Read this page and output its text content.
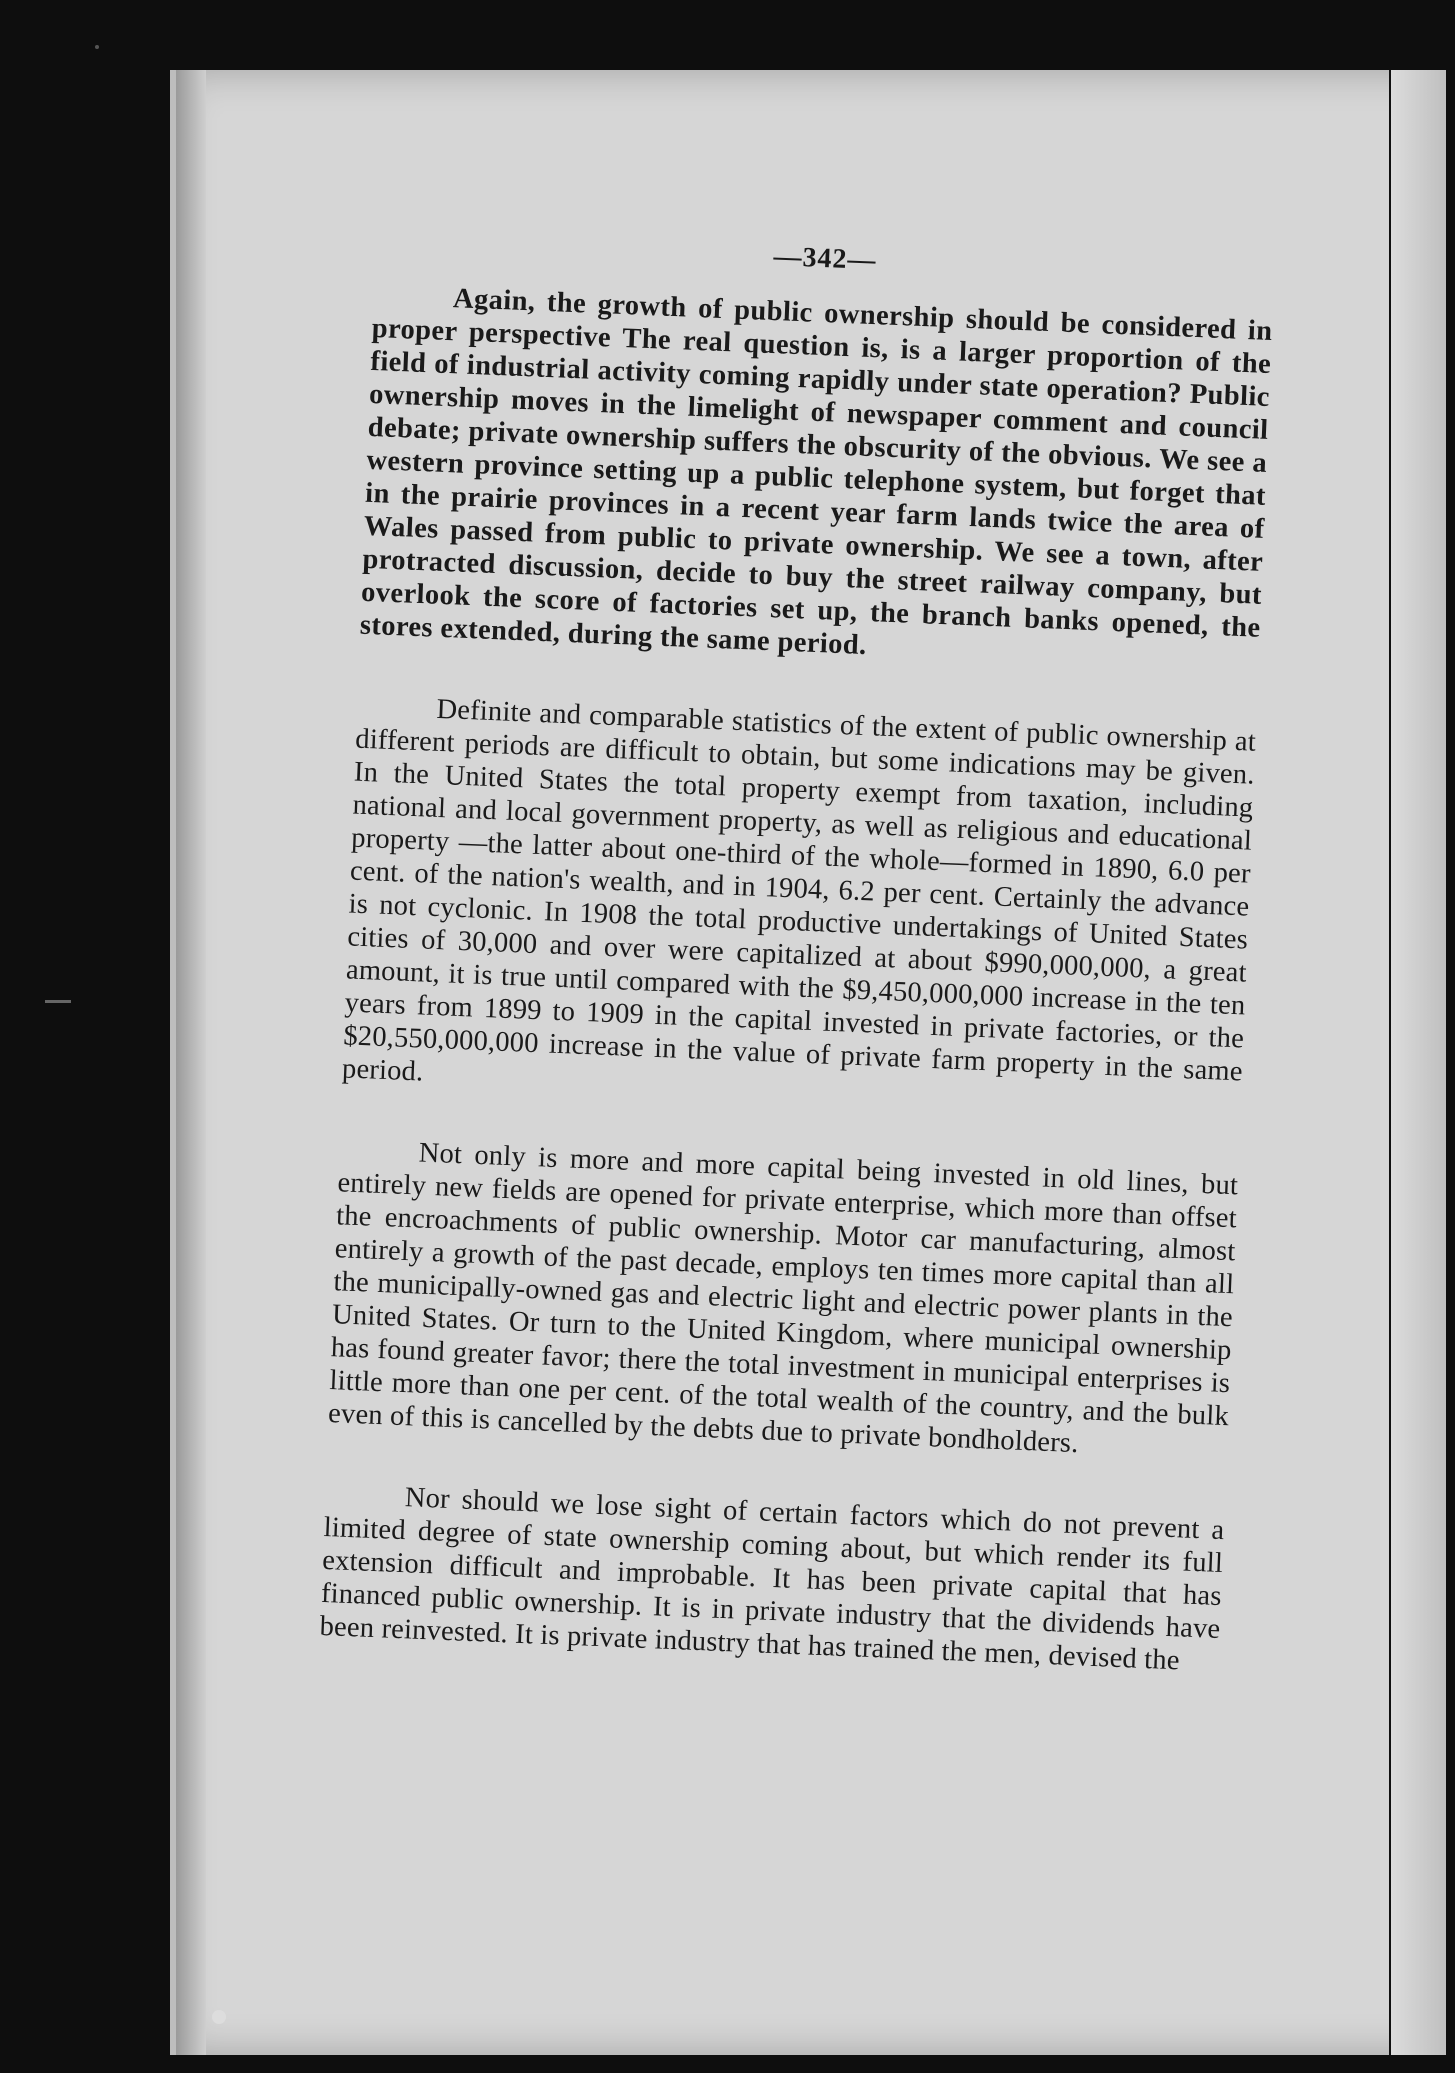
—342—

Again, the growth of public ownership should be considered in proper perspective The real question is, is a larger proportion of the field of industrial activity coming rapidly under state operation? Public ownership moves in the limelight of newspaper comment and council debate; private ownership suffers the obscurity of the obvious. We see a western province setting up a public telephone system, but forget that in the prairie provinces in a recent year farm lands twice the area of Wales passed from public to private ownership. We see a town, after protracted discussion, decide to buy the street railway company, but overlook the score of factories set up, the branch banks opened, the stores extended, during the same period.

Definite and comparable statistics of the extent of public ownership at different periods are difficult to obtain, but some indications may be given. In the United States the total property exempt from taxation, including national and local government property, as well as religious and educational property —the latter about one-third of the whole—formed in 1890, 6.0 per cent. of the nation's wealth, and in 1904, 6.2 per cent. Certainly the advance is not cyclonic. In 1908 the total productive undertakings of United States cities of 30,000 and over were capitalized at about $990,000,000, a great amount, it is true until compared with the $9,450,000,000 increase in the ten years from 1899 to 1909 in the capital invested in private factories, or the $20,550,000,000 increase in the value of private farm property in the same period.

Not only is more and more capital being invested in old lines, but entirely new fields are opened for private enterprise, which more than offset the encroachments of public ownership. Motor car manufacturing, almost entirely a growth of the past decade, employs ten times more capital than all the municipally-owned gas and electric light and electric power plants in the United States. Or turn to the United Kingdom, where municipal ownership has found greater favor; there the total investment in municipal enterprises is little more than one per cent. of the total wealth of the country, and the bulk even of this is cancelled by the debts due to private bondholders.

Nor should we lose sight of certain factors which do not prevent a limited degree of state ownership coming about, but which render its full extension difficult and improbable. It has been private capital that has financed public ownership. It is in private industry that the dividends have been reinvested. It is private industry that has trained the men, devised the
